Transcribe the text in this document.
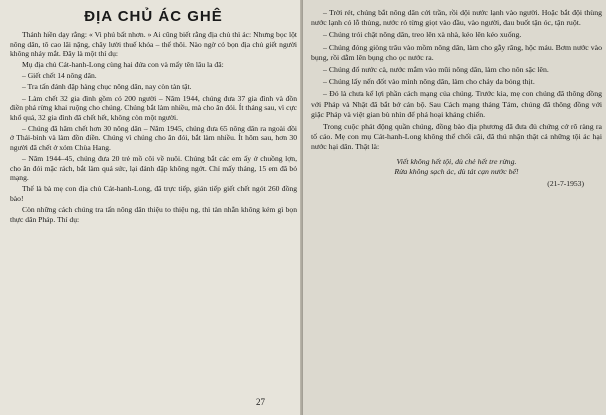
ĐỊA CHỦ ÁC GHÊ

Thánh hiền dạy rằng: « Vi phú bất nhơn. » Ai cũng biết rằng địa chủ thì ác: Nhưng bọc lột nông dân, tô cao lãi nặng, chây lười thuế khóa – thế thôi. Nào ngờ có bọn địa chủ giết người không nháy mắt. Đây là một thí dụ:

Mụ địa chủ Cát-hanh-Long cùng hai đứa con và mấy tên lâu la đã:

– Giết chết 14 nông dân.

– Tra tấn đánh đập hàng chục nông dân, nay còn tàn tật.

– Làm chết 32 gia đình gồm có 200 người – Năm 1944, chúng đưa 37 gia đình và đồn điền phá rừng khai ruộng cho chúng. Chúng bắt làm nhiều, mà cho ăn đói. Ít tháng sau, vì cực khổ quá, 32 gia đình đã chết hết, không còn một người.

– Chúng đã hãm chết hơn 30 nông dân – Năm 1945, chúng đưa 65 nông dân ra ngoài đồi ở Thái-bình và làm đồn điền. Chúng vì chúng cho ăn đói, bắt làm nhiều. Ít hôm sau, hơn 30 người đã chết ở xóm Chùa Hang.

– Năm 1944–45, chúng đưa 20 trẻ mồ côi về nuôi. Chúng bắt các em ấy ở chuồng lợn, cho ăn đói mặc rách, bắt làm quá sức, lại đánh đập không ngớt. Chỉ mấy tháng, 15 em đã bỏ mạng.

Thế là bà mẹ con địa chủ Cát-hanh-Long, đã trực tiếp, gián tiếp giết chết ngót 260 đồng bào!

Còn những cách chúng tra tấn nông dân thiệu to thiệu ng, thì tàn nhẫn không kém gì bọn thực dân Pháp. Thí dụ:

27

– Trời rét, chúng bắt nông dân cởi trần, rồi dội nước lạnh vào người. Hoặc bắt đội thùng nước lạnh có lỗ thủng, nước rỏ từng giọt vào đầu, vào người, đau buốt tận óc, tận ruột.

– Chúng trói chặt nông dân, treo lên xà nhà, kéo lên kéo xuống.

– Chúng đóng giòng trâu vào mồm nông dân, làm cho gẫy răng, hộc máu. Bơm nước vào bụng, rồi dẫm lên bụng cho ọc nước ra.

– Chúng đổ nước cà, nước mắm vào mũi nông dân, làm cho nôn sặc lên.

– Chúng lấy nến đốt vào mình nông dân, làm cho chảy da bỏng thịt.

– Đó là chưa kể lợi phần cách mạng của chúng. Trước kia, mẹ con chúng đã thông đồng với Pháp và Nhật đã bắt bớ cán bộ. Sau Cách mạng tháng Tám, chúng đã thông đồng với giặc Pháp và việt gian bù nhìn để phá hoại kháng chiến.

Trong cuộc phát động quần chúng, đồng bào địa phương đã đưa đủ chứng cớ rõ ràng ra tố cáo. Mẹ con mụ Cát-hanh-Long không thể chối cãi, đã thú nhận thật cả những tội ác hại nước hại dân. Thật là:

Viết không hết tội, dù chẻ hết tre rừng.
Rửa không sạch ác, dù tát cạn nước bể!
(21-7-1953)
